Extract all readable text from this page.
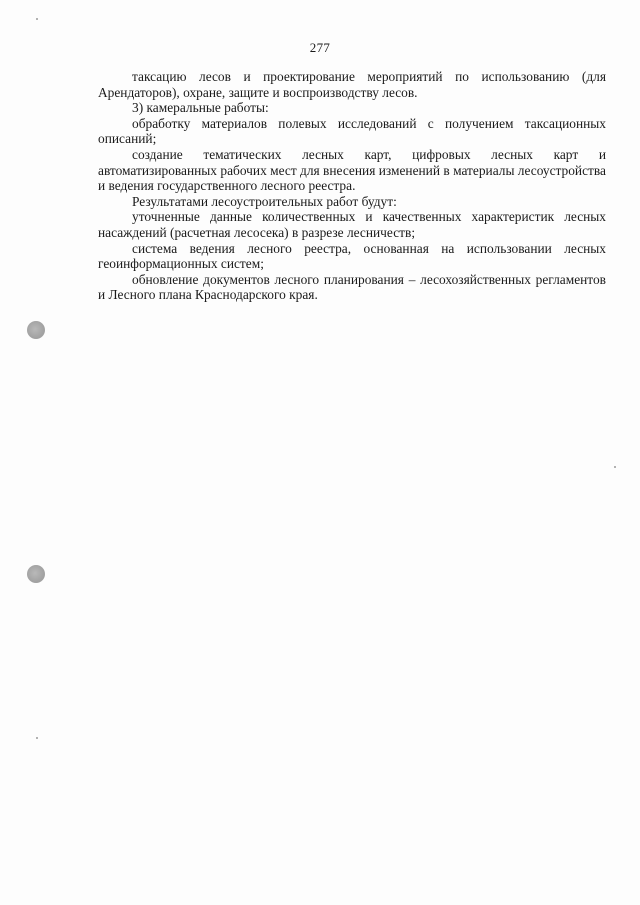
277

таксацию лесов и проектирование мероприятий по использованию (для Арендаторов), охране, защите и воспроизводству лесов.

3) камеральные работы:

обработку материалов полевых исследований с получением таксационных описаний;

создание тематических лесных карт, цифровых лесных карт и автоматизированных рабочих мест для внесения изменений в материалы лесоустройства и ведения государственного лесного реестра.

Результатами лесоустроительных работ будут:

уточненные данные количественных и качественных характеристик лесных насаждений (расчетная лесосека) в разрезе лесничеств;

система ведения лесного реестра, основанная на использовании лесных геоинформационных систем;

обновление документов лесного планирования – лесохозяйственных регламентов и Лесного плана Краснодарского края.
